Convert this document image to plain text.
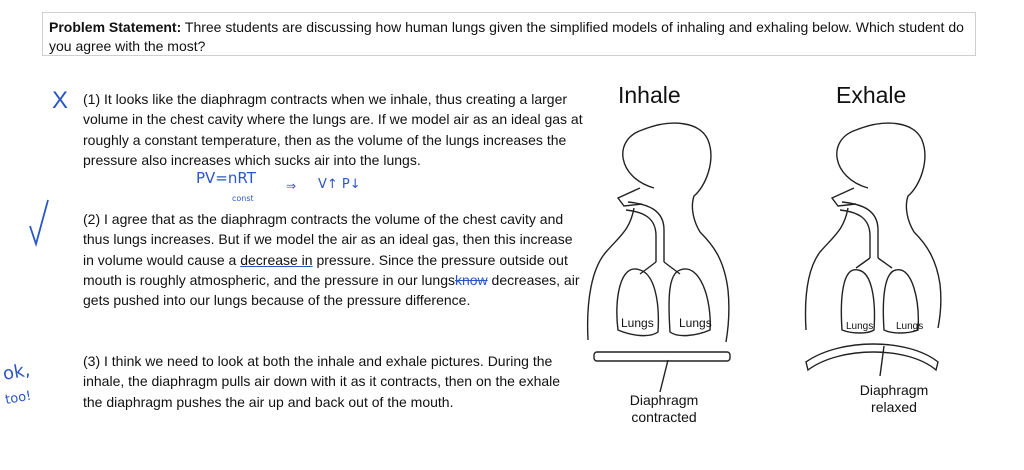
Problem Statement: Three students are discussing how human lungs given the simplified models of inhaling and exhaling below. Which student do you agree with the most?
X
PV=nRT
const
⇒ V↑ P↓
ok,
too!
(1) It looks like the diaphragm contracts when we inhale, thus creating a larger volume in the chest cavity where the lungs are. If we model air as an ideal gas at roughly a constant temperature, then as the volume of the lungs increases the pressure also increases which sucks air into the lungs.
(2) I agree that as the diaphragm contracts the volume of the chest cavity and thus lungs increases. But if we model the air as an ideal gas, then this increase in volume would cause a decrease in pressure. Since the pressure outside out mouth is roughly atmospheric, and the pressure in our lungsknow decreases, air gets pushed into our lungs because of the pressure difference.
(3) I think we need to look at both the inhale and exhale pictures. During the inhale, the diaphragm pulls air down with it as it contracts, then on the exhale the diaphragm pushes the air up and back out of the mouth.
Inhale
Lungs Lungs
Diaphragm
contracted
Exhale
Lungs Lungs
Diaphragm
relaxed
